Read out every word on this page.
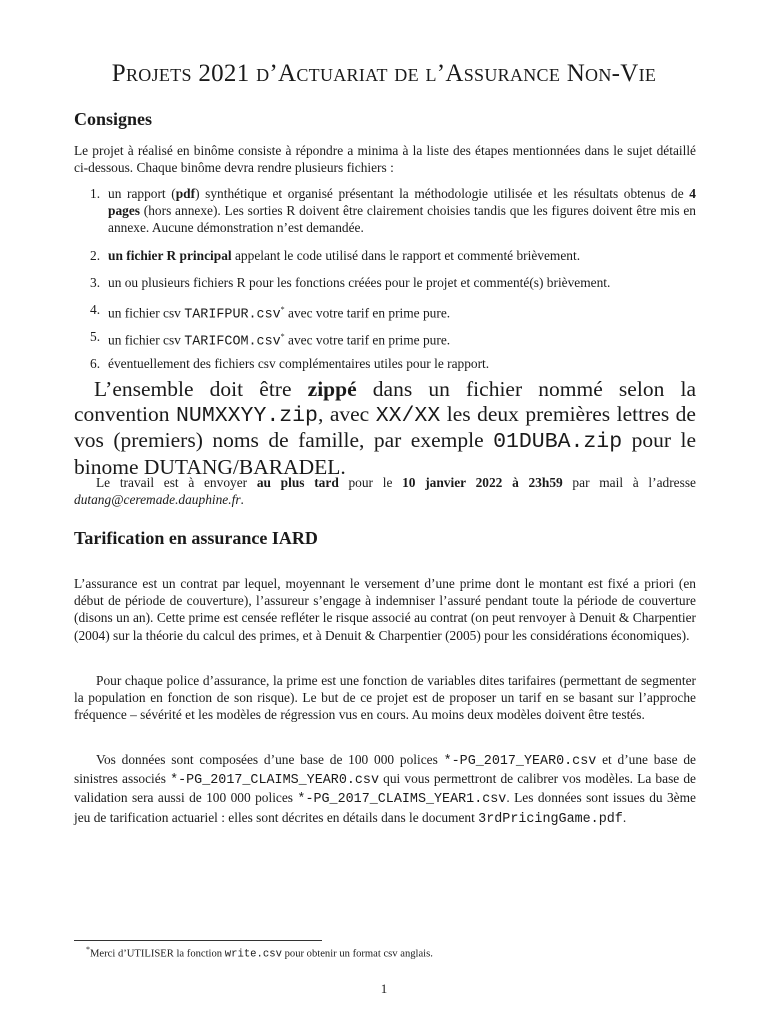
Projets 2021 d’Actuariat de l’Assurance Non-Vie
Consignes
Le projet à réalisé en binôme consiste à répondre a minima à la liste des étapes mentionnées dans le sujet détaillé ci-dessous. Chaque binôme devra rendre plusieurs fichiers :
1. un rapport (pdf) synthétique et organisé présentant la méthodologie utilisée et les résultats obtenus de 4 pages (hors annexe). Les sorties R doivent être clairement choisies tandis que les figures doivent être mis en annexe. Aucune démonstration n’est demandée.
2. un fichier R principal appelant le code utilisé dans le rapport et commenté brièvement.
3. un ou plusieurs fichiers R pour les fonctions créées pour le projet et commenté(s) brièvement.
4. un fichier csv TARIFPUR.csv* avec votre tarif en prime pure.
5. un fichier csv TARIFCOM.csv* avec votre tarif en prime pure.
6. éventuellement des fichiers csv complémentaires utiles pour le rapport.
L’ensemble doit être zippé dans un fichier nommé selon la convention NUMXXYY.zip, avec XX/XX les deux premières lettres de vos (premiers) noms de famille, par exemple 01DUBA.zip pour le binome DUTANG/BARADEL.
Le travail est à envoyer au plus tard pour le 10 janvier 2022 à 23h59 par mail à l’adresse dutang@ceremade.dauphine.fr.
Tarification en assurance IARD
L’assurance est un contrat par lequel, moyennant le versement d’une prime dont le montant est fixé a priori (en début de période de couverture), l’assureur s’engage à indemniser l’assuré pendant toute la période de couverture (disons un an). Cette prime est censée refléter le risque associé au contrat (on peut renvoyer à Denuit & Charpentier (2004) sur la théorie du calcul des primes, et à Denuit & Charpentier (2005) pour les considérations économiques).
Pour chaque police d’assurance, la prime est une fonction de variables dites tarifaires (permettant de segmenter la population en fonction de son risque). Le but de ce projet est de proposer un tarif en se basant sur l’approche fréquence – sévérité et les modèles de régression vus en cours. Au moins deux modèles doivent être testés.
Vos données sont composées d’une base de 100 000 polices *-PG_2017_YEAR0.csv et d’une base de sinistres associés *-PG_2017_CLAIMS_YEAR0.csv qui vous permettront de calibrer vos modèles. La base de validation sera aussi de 100 000 polices *-PG_2017_CLAIMS_YEAR1.csv. Les données sont issues du 3ème jeu de tarification actuariel : elles sont décrites en détails dans le document 3rdPricingGame.pdf.
*Merci d’UTILISER la fonction write.csv pour obtenir un format csv anglais.
1
